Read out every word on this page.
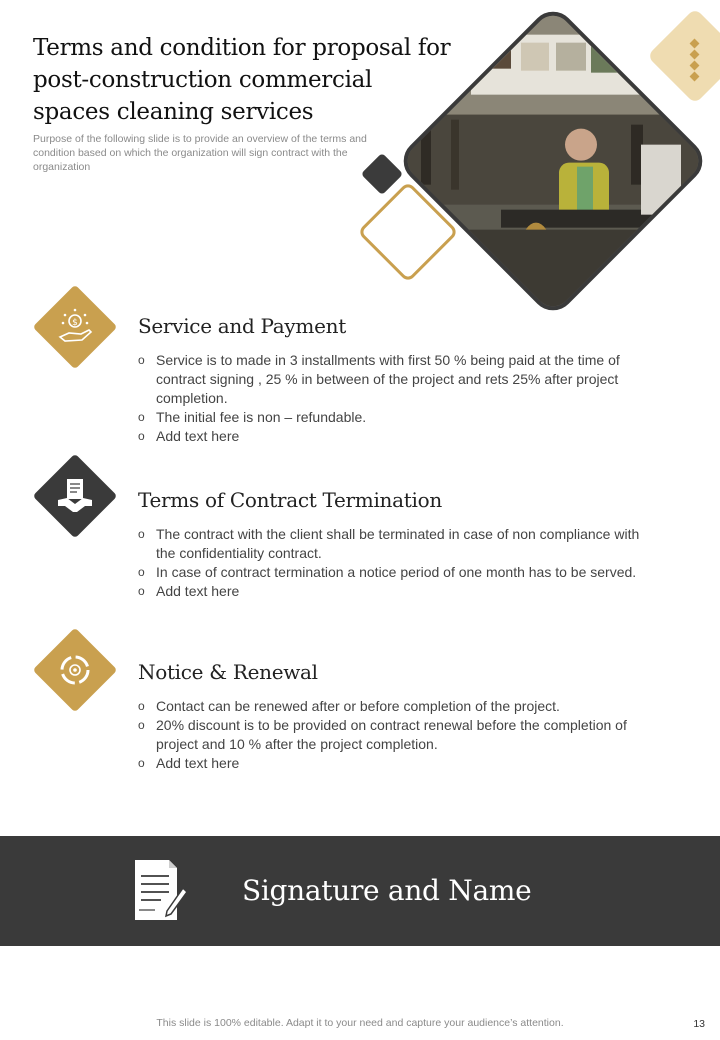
Terms and condition for proposal for post-construction commercial spaces cleaning services

Purpose of the following slide is to provide an overview of the terms and condition based on which the organization will sign contract with the organization

$	Service and Payment
o Service is to made in 3 installments with first 50 % being paid at the time of contract signing , 25 % in between of the project and rets 25% after project completion.
o The initial fee is non – refundable.
o Add text here
Terms of Contract Termination
o The contract with the client shall be terminated in case of non compliance with the confidentiality contract.
o In case of contract termination a notice period of one month has to be served.
o Add text here
Notice & Renewal
o Contact can be renewed after or before completion of the project.
o 20% discount is to be provided on contract renewal before the completion of project and 10 % after the project completion.
o Add text here
Signature and Name
This slide is 100% editable. Adapt it to your need and capture your audience’s attention.	13
